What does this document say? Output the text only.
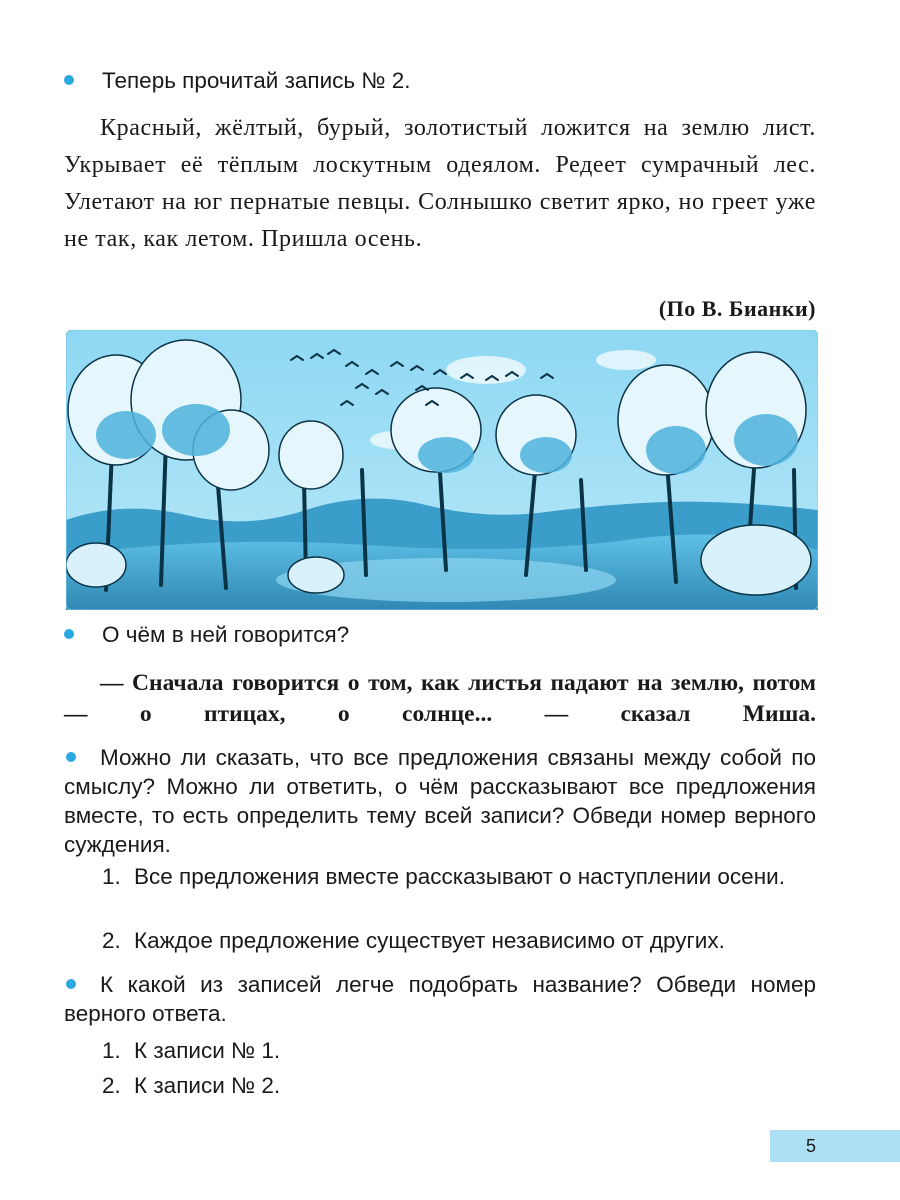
Теперь прочитай запись № 2.
Красный, жёлтый, бурый, золотистый ложится на землю лист. Укрывает её тёплым лоскутным одеялом. Редеет сумрачный лес. Улетают на юг пернатые певцы. Солнышко светит ярко, но греет уже не так, как летом. Пришла осень.
(По В. Бианки)
О чём в ней говорится?
— Сначала говорится о том, как листья падают на землю, потом — о птицах, о солнце... — сказал Миша.
Можно ли сказать, что все предложения связаны между собой по смыслу? Можно ли ответить, о чём рассказывают все предложения вместе, то есть определить тему всей записи? Обведи номер верного суждения.
1. Все предложения вместе рассказывают о наступлении осени.
2. Каждое предложение существует независимо от других.
К какой из записей легче подобрать название? Обведи номер верного ответа.
1. К записи № 1.
2. К записи № 2.
5
